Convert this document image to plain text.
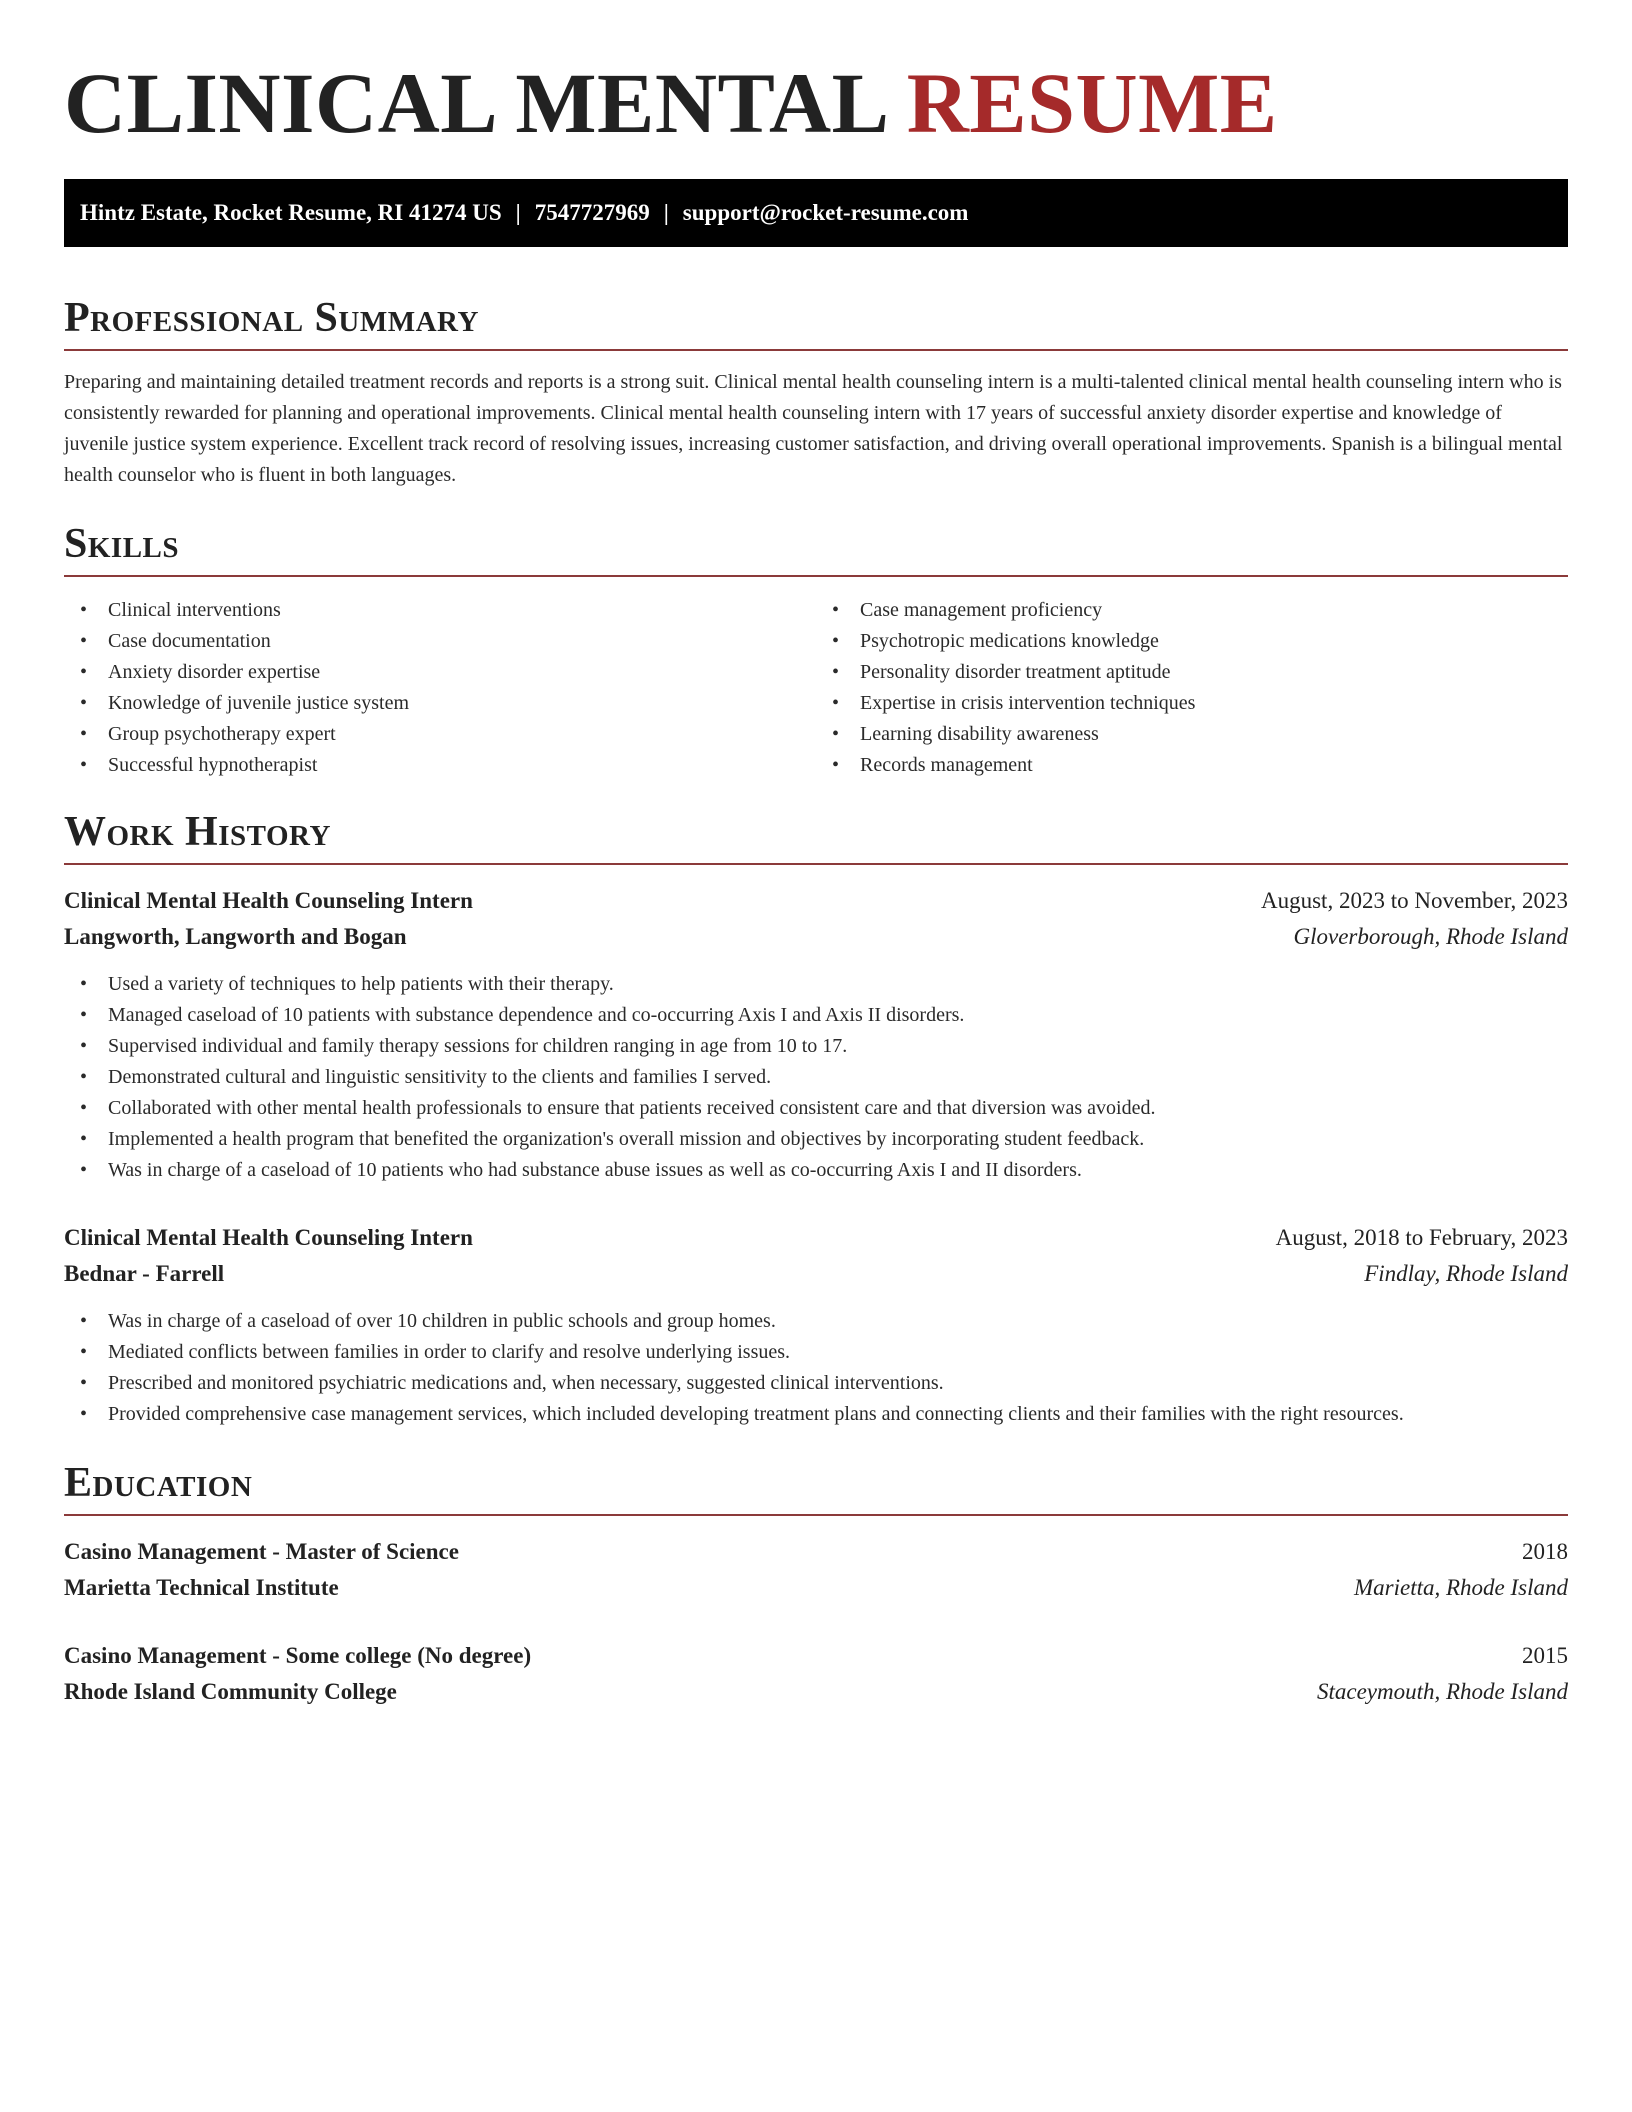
CLINICAL MENTAL RESUME
Hintz Estate, Rocket Resume, RI 41274 US | 7547727969 | support@rocket-resume.com
Professional Summary

Preparing and maintaining detailed treatment records and reports is a strong suit. Clinical mental health counseling intern is a multi-talented clinical mental health counseling intern who is consistently rewarded for planning and operational improvements. Clinical mental health counseling intern with 17 years of successful anxiety disorder expertise and knowledge of juvenile justice system experience. Excellent track record of resolving issues, increasing customer satisfaction, and driving overall operational improvements. Spanish is a bilingual mental health counselor who is fluent in both languages.

Skills
• Clinical interventions
• Case documentation
• Anxiety disorder expertise
• Knowledge of juvenile justice system
• Group psychotherapy expert
• Successful hypnotherapist
• Case management proficiency
• Psychotropic medications knowledge
• Personality disorder treatment aptitude
• Expertise in crisis intervention techniques
• Learning disability awareness
• Records management
Work History
Clinical Mental Health Counseling Intern	August, 2023 to November, 2023
Langworth, Langworth and Bogan	Gloverborough, Rhode Island
• Used a variety of techniques to help patients with their therapy.
• Managed caseload of 10 patients with substance dependence and co-occurring Axis I and Axis II disorders.
• Supervised individual and family therapy sessions for children ranging in age from 10 to 17.
• Demonstrated cultural and linguistic sensitivity to the clients and families I served.
• Collaborated with other mental health professionals to ensure that patients received consistent care and that diversion was avoided.
• Implemented a health program that benefited the organization's overall mission and objectives by incorporating student feedback.
• Was in charge of a caseload of 10 patients who had substance abuse issues as well as co-occurring Axis I and II disorders.
Clinical Mental Health Counseling Intern	August, 2018 to February, 2023
Bednar - Farrell	Findlay, Rhode Island
• Was in charge of a caseload of over 10 children in public schools and group homes.
• Mediated conflicts between families in order to clarify and resolve underlying issues.
• Prescribed and monitored psychiatric medications and, when necessary, suggested clinical interventions.
• Provided comprehensive case management services, which included developing treatment plans and connecting clients and their families with the right resources.
Education
Casino Management - Master of Science	2018
Marietta Technical Institute	Marietta, Rhode Island
Casino Management - Some college (No degree)	2015
Rhode Island Community College	Staceymouth, Rhode Island
